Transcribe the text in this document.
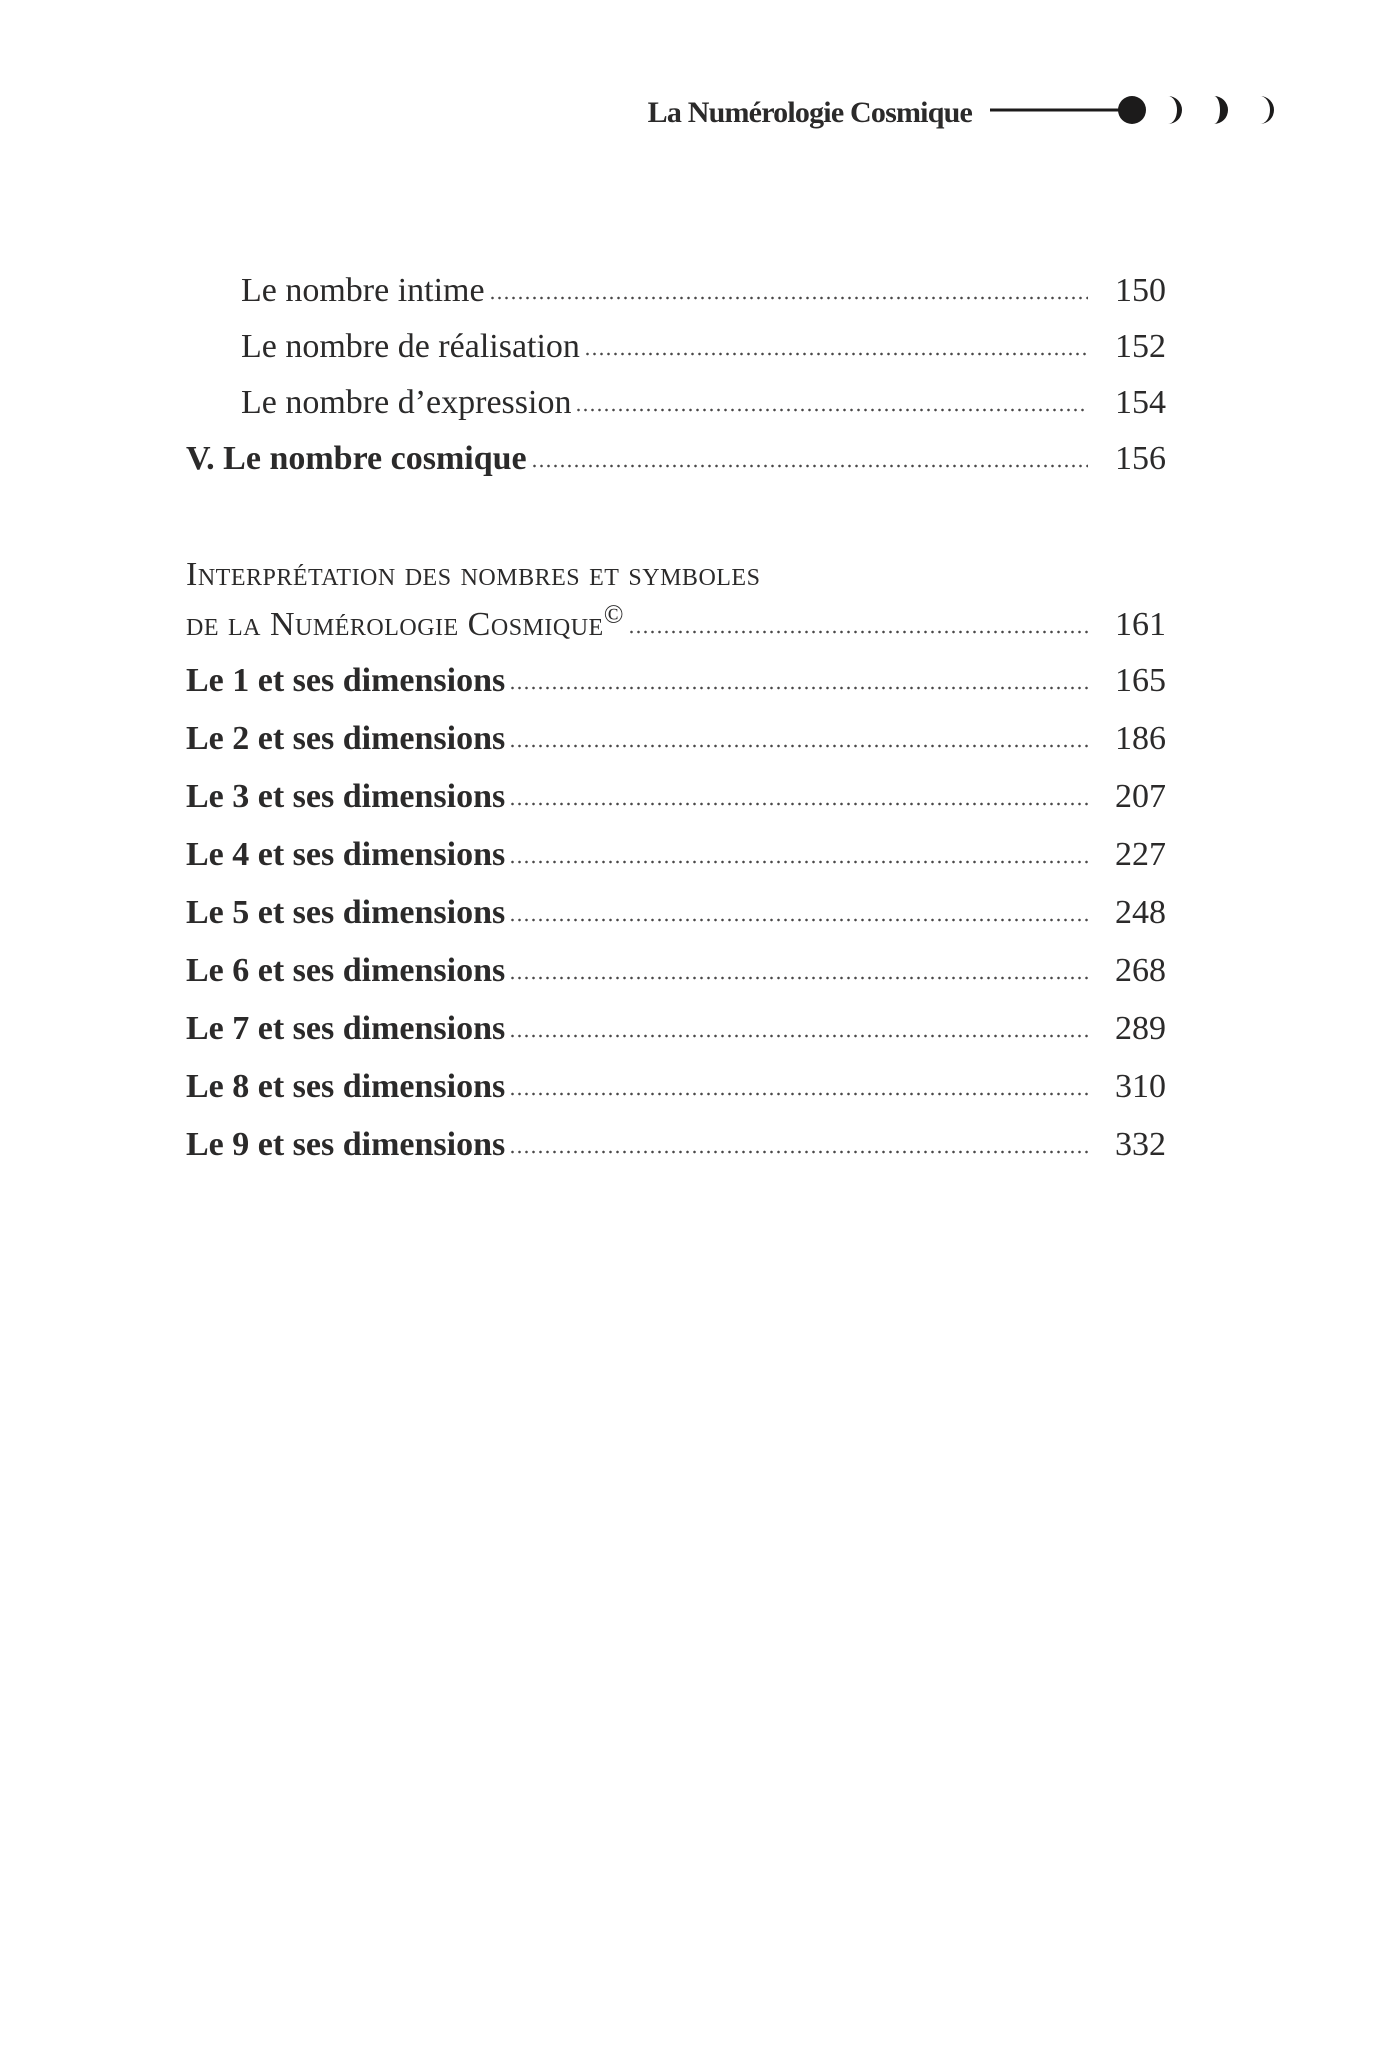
La Numérologie Cosmique
Le nombre intime	150
Le nombre de réalisation	152
Le nombre d’expression	154
V. Le nombre cosmique	156
Interprétation des nombres et symboles
de la Numérologie Cosmique©	161
Le 1 et ses dimensions	165
Le 2 et ses dimensions	186
Le 3 et ses dimensions	207
Le 4 et ses dimensions	227
Le 5 et ses dimensions	248
Le 6 et ses dimensions	268
Le 7 et ses dimensions	289
Le 8 et ses dimensions	310
Le 9 et ses dimensions	332
